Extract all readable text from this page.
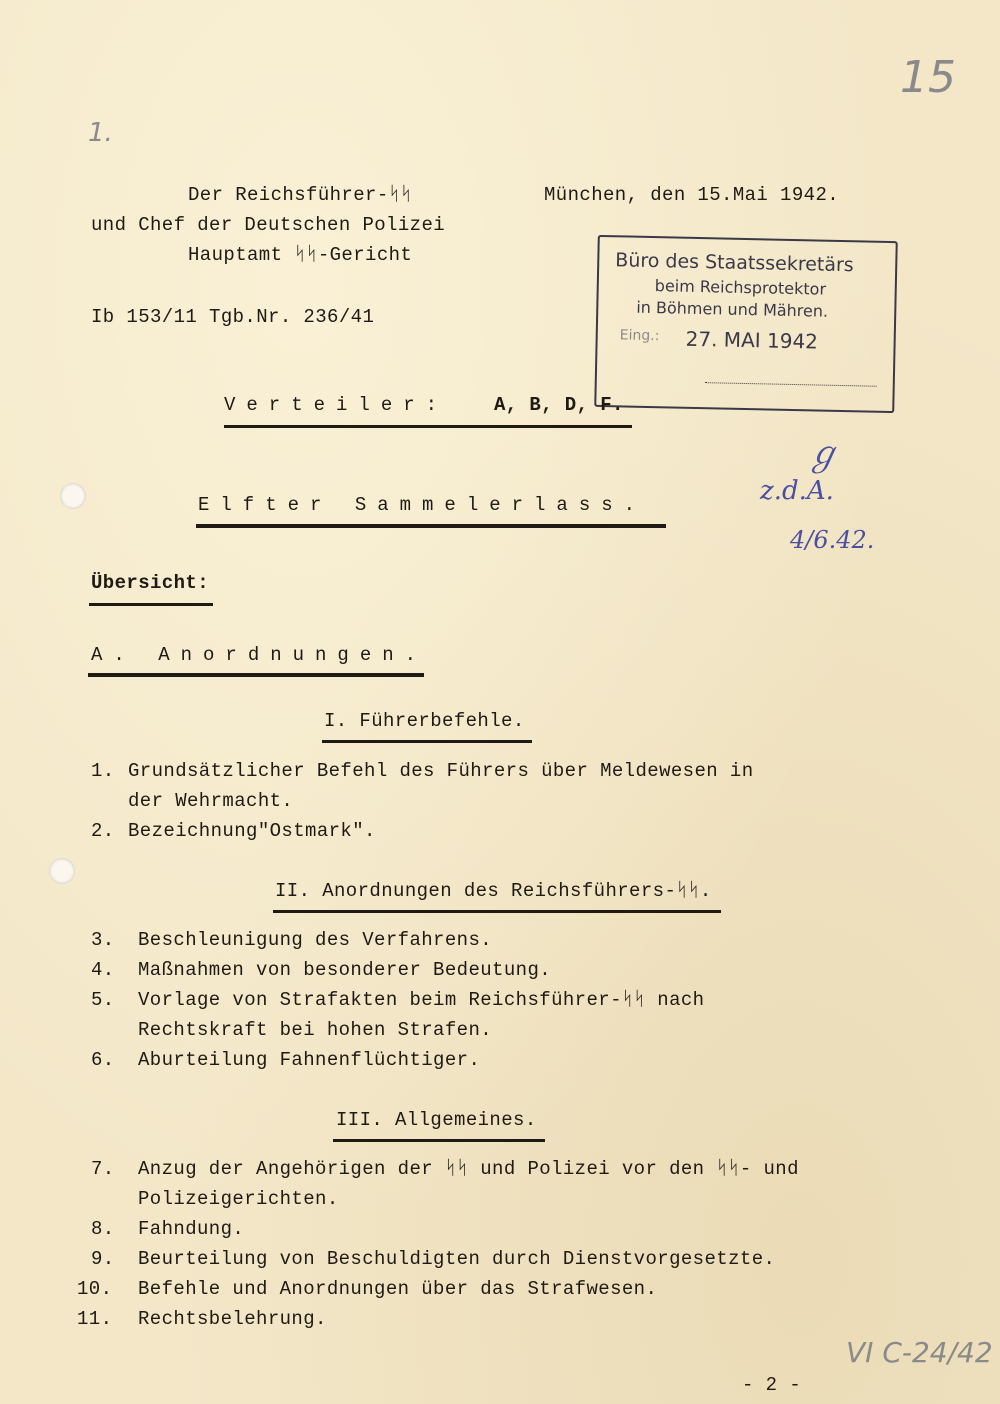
15
1.
VI C-24/42
ℊ
z.d.A.
4/6.42.
Der Reichsführer-ᛋᛋ
und Chef der Deutschen Polizei
Hauptamt ᛋᛋ-Gericht
München, den 15.Mai 1942.
Ib 153/11 Tgb.Nr. 236/41
Büro des Staatssekretärs
beim Reichsprotektor
in Böhmen und Mähren.
Eing.: 27. MAI 1942
Verteiler: A, B, D, F.
Elfter Sammelerlass.
Übersicht:
A. Anordnungen.
I. Führerbefehle.
1. Grundsätzlicher Befehl des Führers über Meldewesen in
der Wehrmacht.
2. Bezeichnung"Ostmark".
II. Anordnungen des Reichsführers-ᛋᛋ.
3. Beschleunigung des Verfahrens.
4. Maßnahmen von besonderer Bedeutung.
5. Vorlage von Strafakten beim Reichsführer-ᛋᛋ nach
Rechtskraft bei hohen Strafen.
6. Aburteilung Fahnenflüchtiger.
III. Allgemeines.
7. Anzug der Angehörigen der ᛋᛋ und Polizei vor den ᛋᛋ- und
Polizeigerichten.
8. Fahndung.
9. Beurteilung von Beschuldigten durch Dienstvorgesetzte.
10. Befehle und Anordnungen über das Strafwesen.
11. Rechtsbelehrung.
- 2 -
